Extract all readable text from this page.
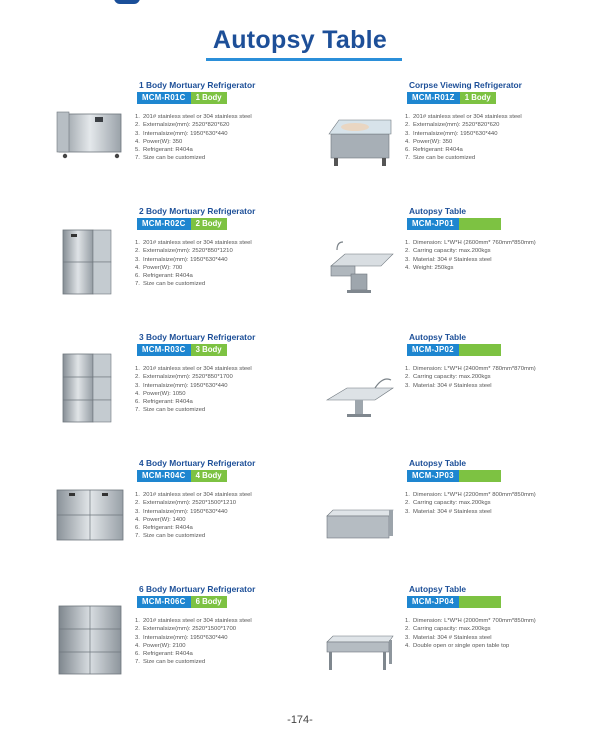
Autopsy Table
1 Body Mortuary Refrigerator
MCM-R01C	1 Body
1. 201# stainless steel or 304 stainless steel
2. Externalsize(mm): 2520*820*620
3. Internalsize(mm): 1950*630*440
4. Power(W): 350
5. Refrigerant: R404a
7. Size can be customized
Corpse Viewing Refrigerator
MCM-R01Z	1 Body
1. 201# stainless steel or 304 stainless steel
2. Externalsize(mm): 2520*820*620
3. Internalsize(mm): 1950*630*440
4. Power(W): 350
6. Refrigerant: R404a
7. Size can be customized
2 Body Mortuary Refrigerator
MCM-R02C	2 Body
1. 201# stainless steel or 304 stainless steel
2. Externalsize(mm): 2520*850*1210
3. Internalsize(mm): 1950*630*440
4. Power(W): 700
6. Refrigerant: R404a
7. Size can be customized
Autopsy Table
MCM-JP01
1. Dimension: L*W*H (2600mm* 760mm*850mm)
2. Carring capacity: max.200kgs
3. Material: 304 # Stainless steel
4. Weight: 250kgs
3 Body Mortuary Refrigerator
MCM-R03C	3 Body
1. 201# stainless steel or 304 stainless steel
2. Externalsize(mm): 2520*850*1700
3. Internalsize(mm): 1950*630*440
4. Power(W): 1050
6. Refrigerant: R404a
7. Size can be customized
Autopsy Table
MCM-JP02
1. Dimension: L*W*H (2400mm* 780mm*870mm)
2. Carring capacity: max.200kgs
3. Material: 304 # Stainless steel
4 Body Mortuary Refrigerator
MCM-R04C	4 Body
1. 201# stainless steel or 304 stainless steel
2. Externalsize(mm): 2520*1500*1210
3. Internalsize(mm): 1950*630*440
4. Power(W): 1400
6. Refrigerant: R404a
7. Size can be customized
Autopsy Table
MCM-JP03
1. Dimension: L*W*H (2200mm* 800mm*850mm)
2. Carring capacity: max.200kgs
3. Material: 304 # Stainless steel
6 Body Mortuary Refrigerator
MCM-R06C	6 Body
1. 201# stainless steel or 304 stainless steel
2. Externalsize(mm): 2520*1500*1700
3. Internalsize(mm): 1950*630*440
4. Power(W): 2100
6. Refrigerant: R404a
7. Size can be customized
Autopsy Table
MCM-JP04
1. Dimension: L*W*H (2000mm* 700mm*850mm)
2. Carring capacity: max.200kgs
3. Material: 304 # Stainless steel
4. Double open or single open table top
-174-
